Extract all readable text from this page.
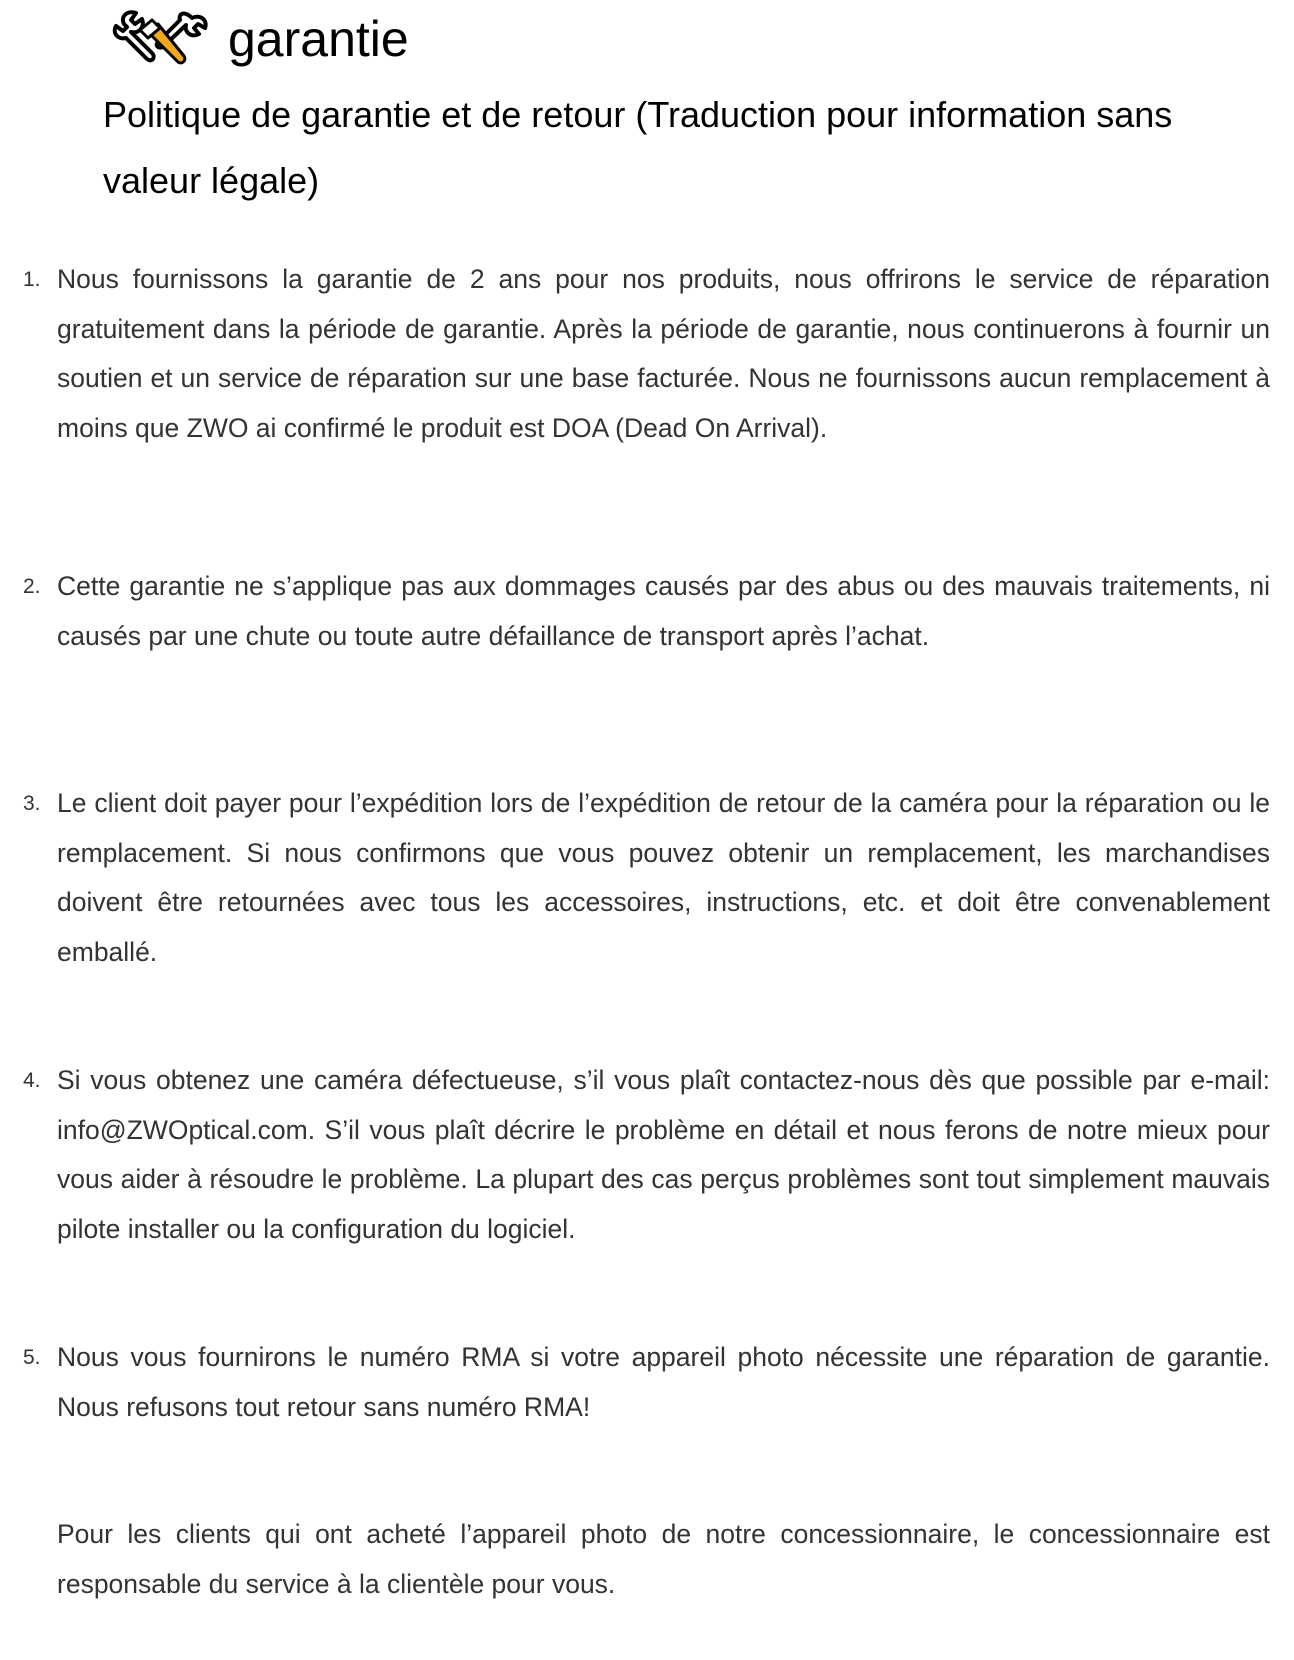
garantie
Politique de garantie et de retour (Traduction pour information sans valeur légale)
1. Nous fournissons la garantie de 2 ans pour nos produits, nous offrirons le service de réparation gratuitement dans la période de garantie. Après la période de garantie, nous continuerons à fournir un soutien et un service de réparation sur une base facturée. Nous ne fournissons aucun remplacement à moins que ZWO ai confirmé le produit est DOA (Dead On Arrival).
2. Cette garantie ne s’applique pas aux dommages causés par des abus ou des mauvais traitements, ni causés par une chute ou toute autre défaillance de transport après l’achat.
3. Le client doit payer pour l’expédition lors de l’expédition de retour de la caméra pour la réparation ou le remplacement. Si nous confirmons que vous pouvez obtenir un remplacement, les marchandises doivent être retournées avec tous les accessoires, instructions, etc. et doit être convenablement emballé.
4. Si vous obtenez une caméra défectueuse, s’il vous plaît contactez-nous dès que possible par e-mail: info@ZWOptical.com. S’il vous plaît décrire le problème en détail et nous ferons de notre mieux pour vous aider à résoudre le problème. La plupart des cas perçus problèmes sont tout simplement mauvais pilote installer ou la configuration du logiciel.
5. Nous vous fournirons le numéro RMA si votre appareil photo nécessite une réparation de garantie. Nous refusons tout retour sans numéro RMA!
Pour les clients qui ont acheté l’appareil photo de notre concessionnaire, le concessionnaire est responsable du service à la clientèle pour vous.
